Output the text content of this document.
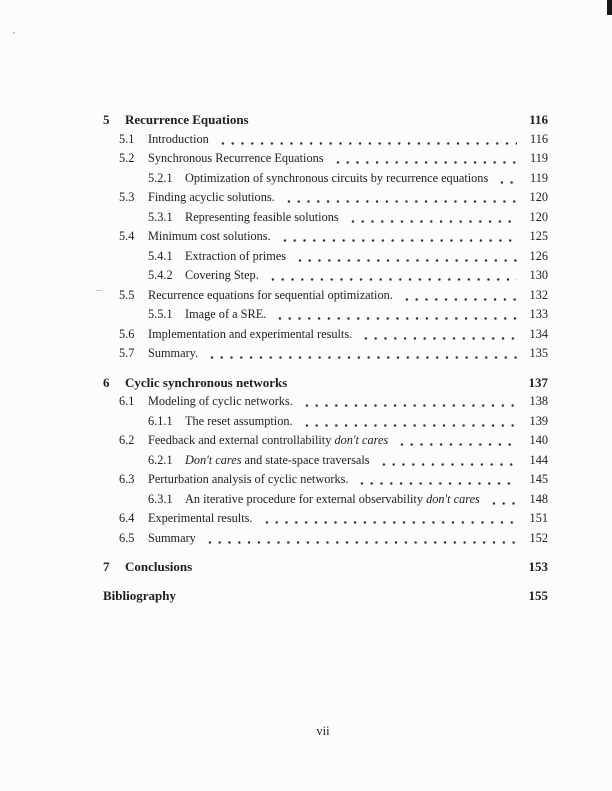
5	Recurrence Equations	116
5.1	Introduction	116
5.2	Synchronous Recurrence Equations	119
5.2.1	Optimization of synchronous circuits by recurrence equations	119
5.3	Finding acyclic solutions.	120
5.3.1	Representing feasible solutions	120
5.4	Minimum cost solutions.	125
5.4.1	Extraction of primes	126
5.4.2	Covering Step.	130
5.5	Recurrence equations for sequential optimization.	132
5.5.1	Image of a SRE.	133
5.6	Implementation and experimental results.	134
5.7	Summary.	135
6	Cyclic synchronous networks	137
6.1	Modeling of cyclic networks.	138
6.1.1	The reset assumption.	139
6.2	Feedback and external controllability don't cares	140
6.2.1	Don't cares and state-space traversals	144
6.3	Perturbation analysis of cyclic networks.	145
6.3.1	An iterative procedure for external observability don't cares	148
6.4	Experimental results.	151
6.5	Summary	152
7	Conclusions	153
Bibliography	155
vii
